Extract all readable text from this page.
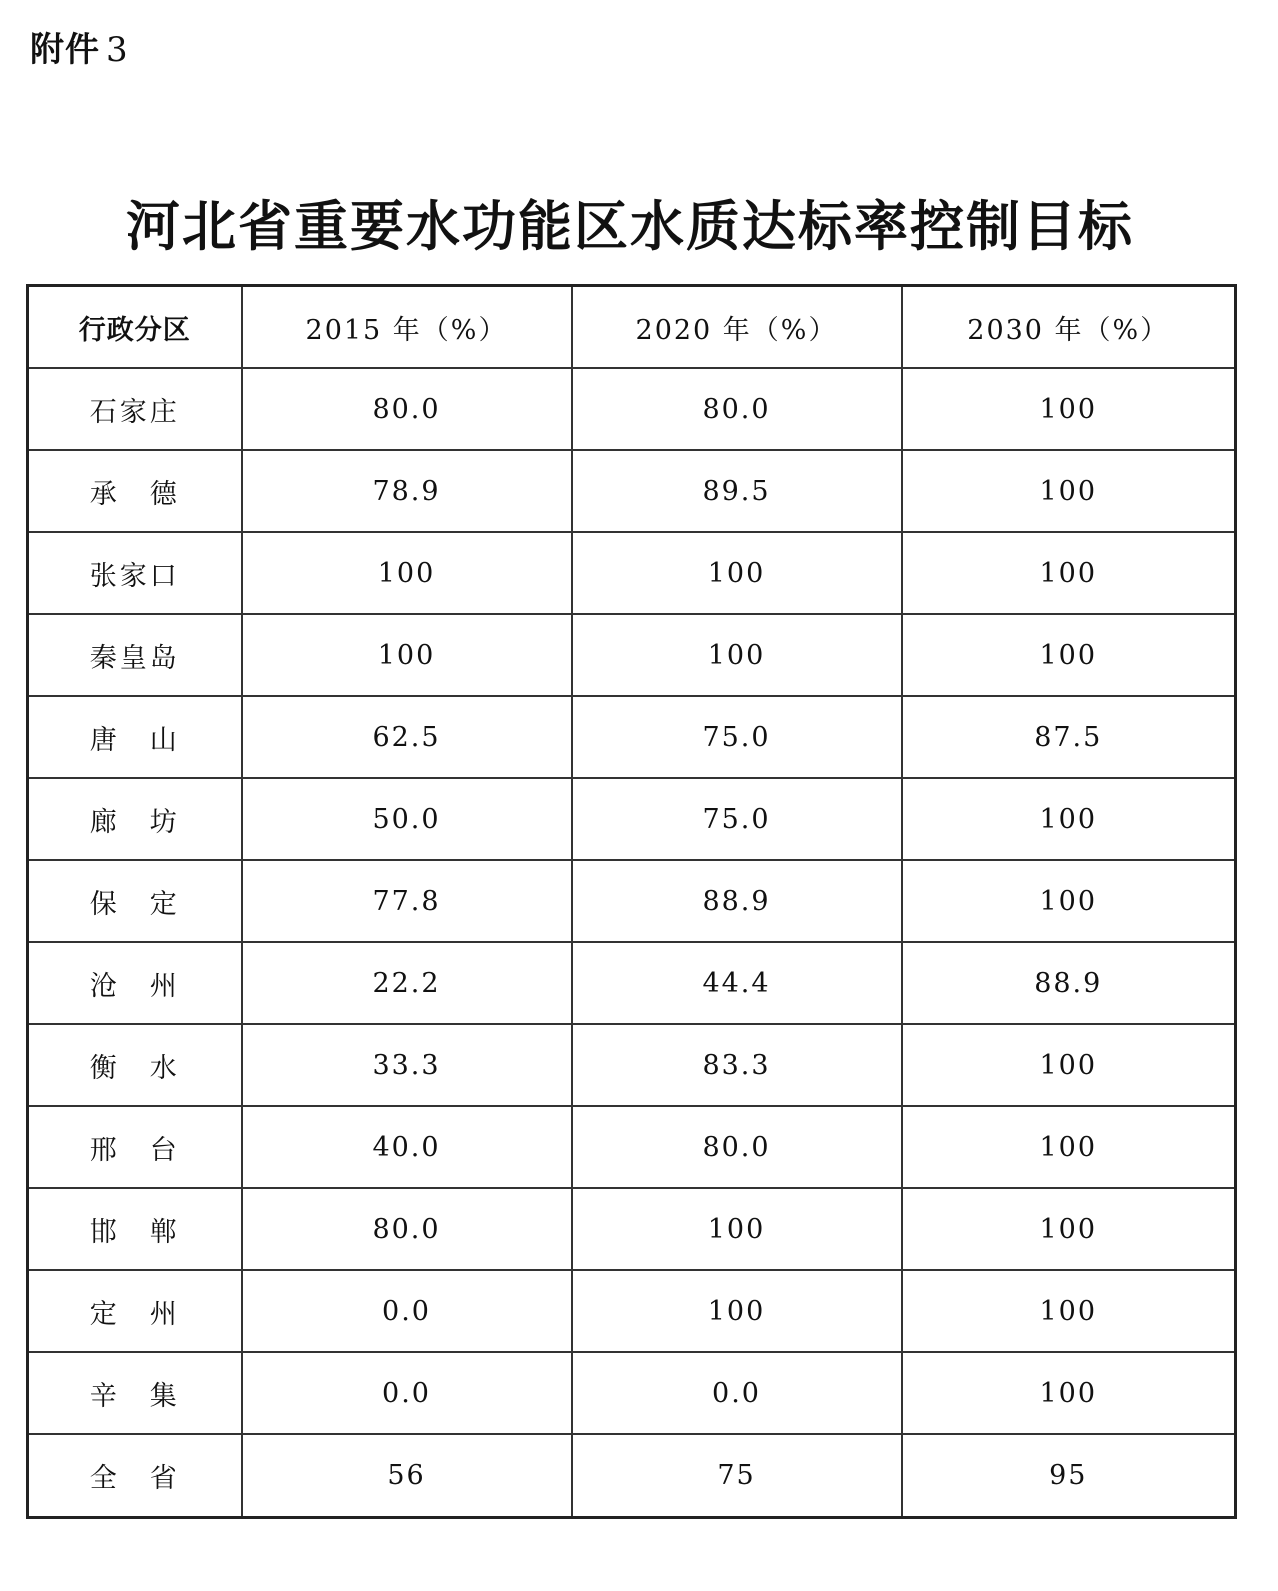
附件 3
河北省重要水功能区水质达标率控制目标
行政分区	2015 年（%）	2020 年（%）	2030 年（%）
石家庄	80.0	80.0	100
承　德	78.9	89.5	100
张家口	100	100	100
秦皇岛	100	100	100
唐　山	62.5	75.0	87.5
廊　坊	50.0	75.0	100
保　定	77.8	88.9	100
沧　州	22.2	44.4	88.9
衡　水	33.3	83.3	100
邢　台	40.0	80.0	100
邯　郸	80.0	100	100
定　州	0.0	100	100
辛　集	0.0	0.0	100
全　省	56	75	95
